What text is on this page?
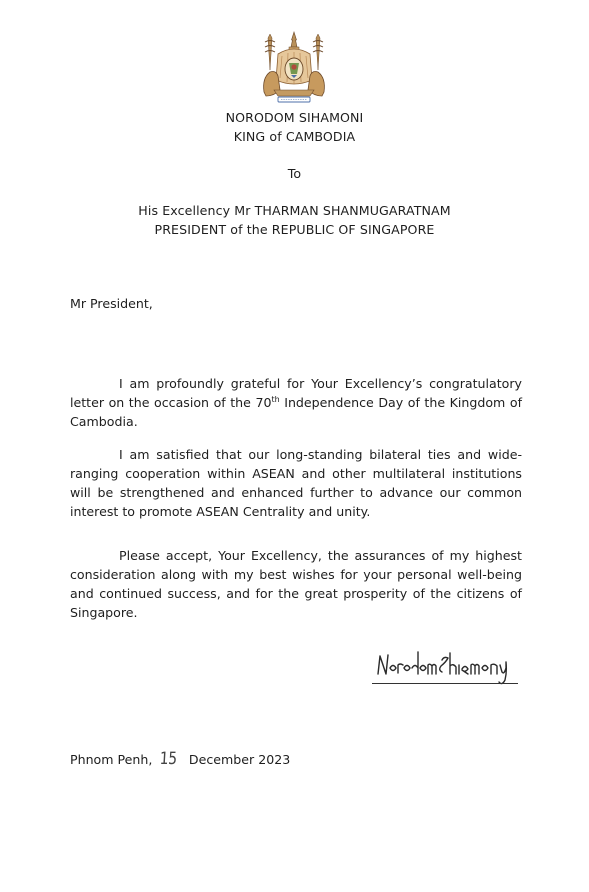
NORODOM SIHAMONI
KING of CAMBODIA
To
His Excellency Mr THARMAN SHANMUGARATNAM
PRESIDENT of the REPUBLIC OF SINGAPORE
Mr President,

I am profoundly grateful for Your Excellency’s congratulatory letter on the occasion of the 70th Independence Day of the Kingdom of Cambodia.

I am satisfied that our long-standing bilateral ties and wide-ranging cooperation within ASEAN and other multilateral institutions will be strengthened and enhanced further to advance our common interest to promote ASEAN Centrality and unity.

Please accept, Your Excellency, the assurances of my highest consideration along with my best wishes for your personal well-being and continued success, and for the great prosperity of the citizens of Singapore.

Phnom Penh, 15 December 2023
